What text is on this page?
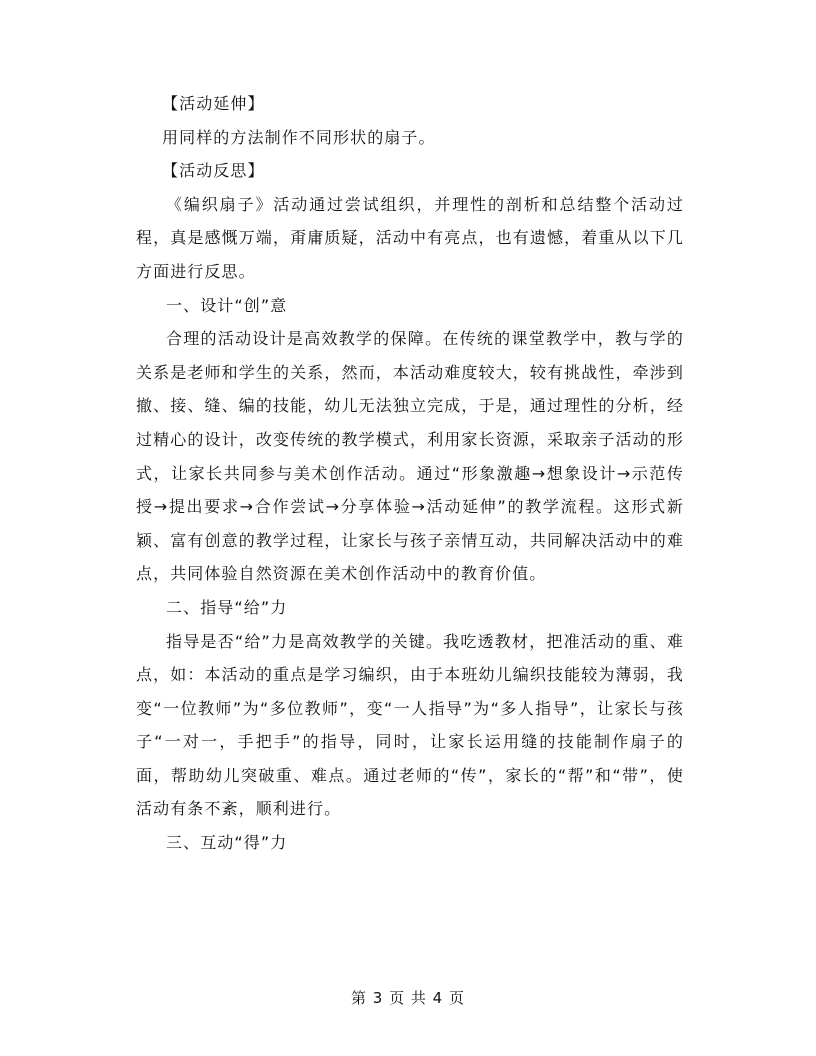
【活动延伸】

用同样的方法制作不同形状的扇子。

【活动反思】

《编织扇子》活动通过尝试组织，并理性的剖析和总结整个活动过程，真是感慨万端，甭庸质疑，活动中有亮点，也有遗憾，着重从以下几方面进行反思。

一、设计“创”意

合理的活动设计是高效教学的保障。在传统的课堂教学中，教与学的关系是老师和学生的关系，然而，本活动难度较大，较有挑战性，牵涉到撤、接、缝、编的技能，幼儿无法独立完成，于是，通过理性的分析，经过精心的设计，改变传统的教学模式，利用家长资源，采取亲子活动的形式，让家长共同参与美术创作活动。通过“形象激趣→想象设计→示范传授→提出要求→合作尝试→分享体验→活动延伸”的教学流程。这形式新颖、富有创意的教学过程，让家长与孩子亲情互动，共同解决活动中的难点，共同体验自然资源在美术创作活动中的教育价值。

二、指导“给”力

指导是否“给”力是高效教学的关键。我吃透教材，把准活动的重、难点，如：本活动的重点是学习编织，由于本班幼儿编织技能较为薄弱，我变“一位教师”为“多位教师”，变“一人指导”为“多人指导”，让家长与孩子“一对一，手把手”的指导，同时，让家长运用缝的技能制作扇子的面，帮助幼儿突破重、难点。通过老师的“传”，家长的“帮”和“带”，使活动有条不紊，顺利进行。

三、互动“得”力

第 3 页 共 4 页
